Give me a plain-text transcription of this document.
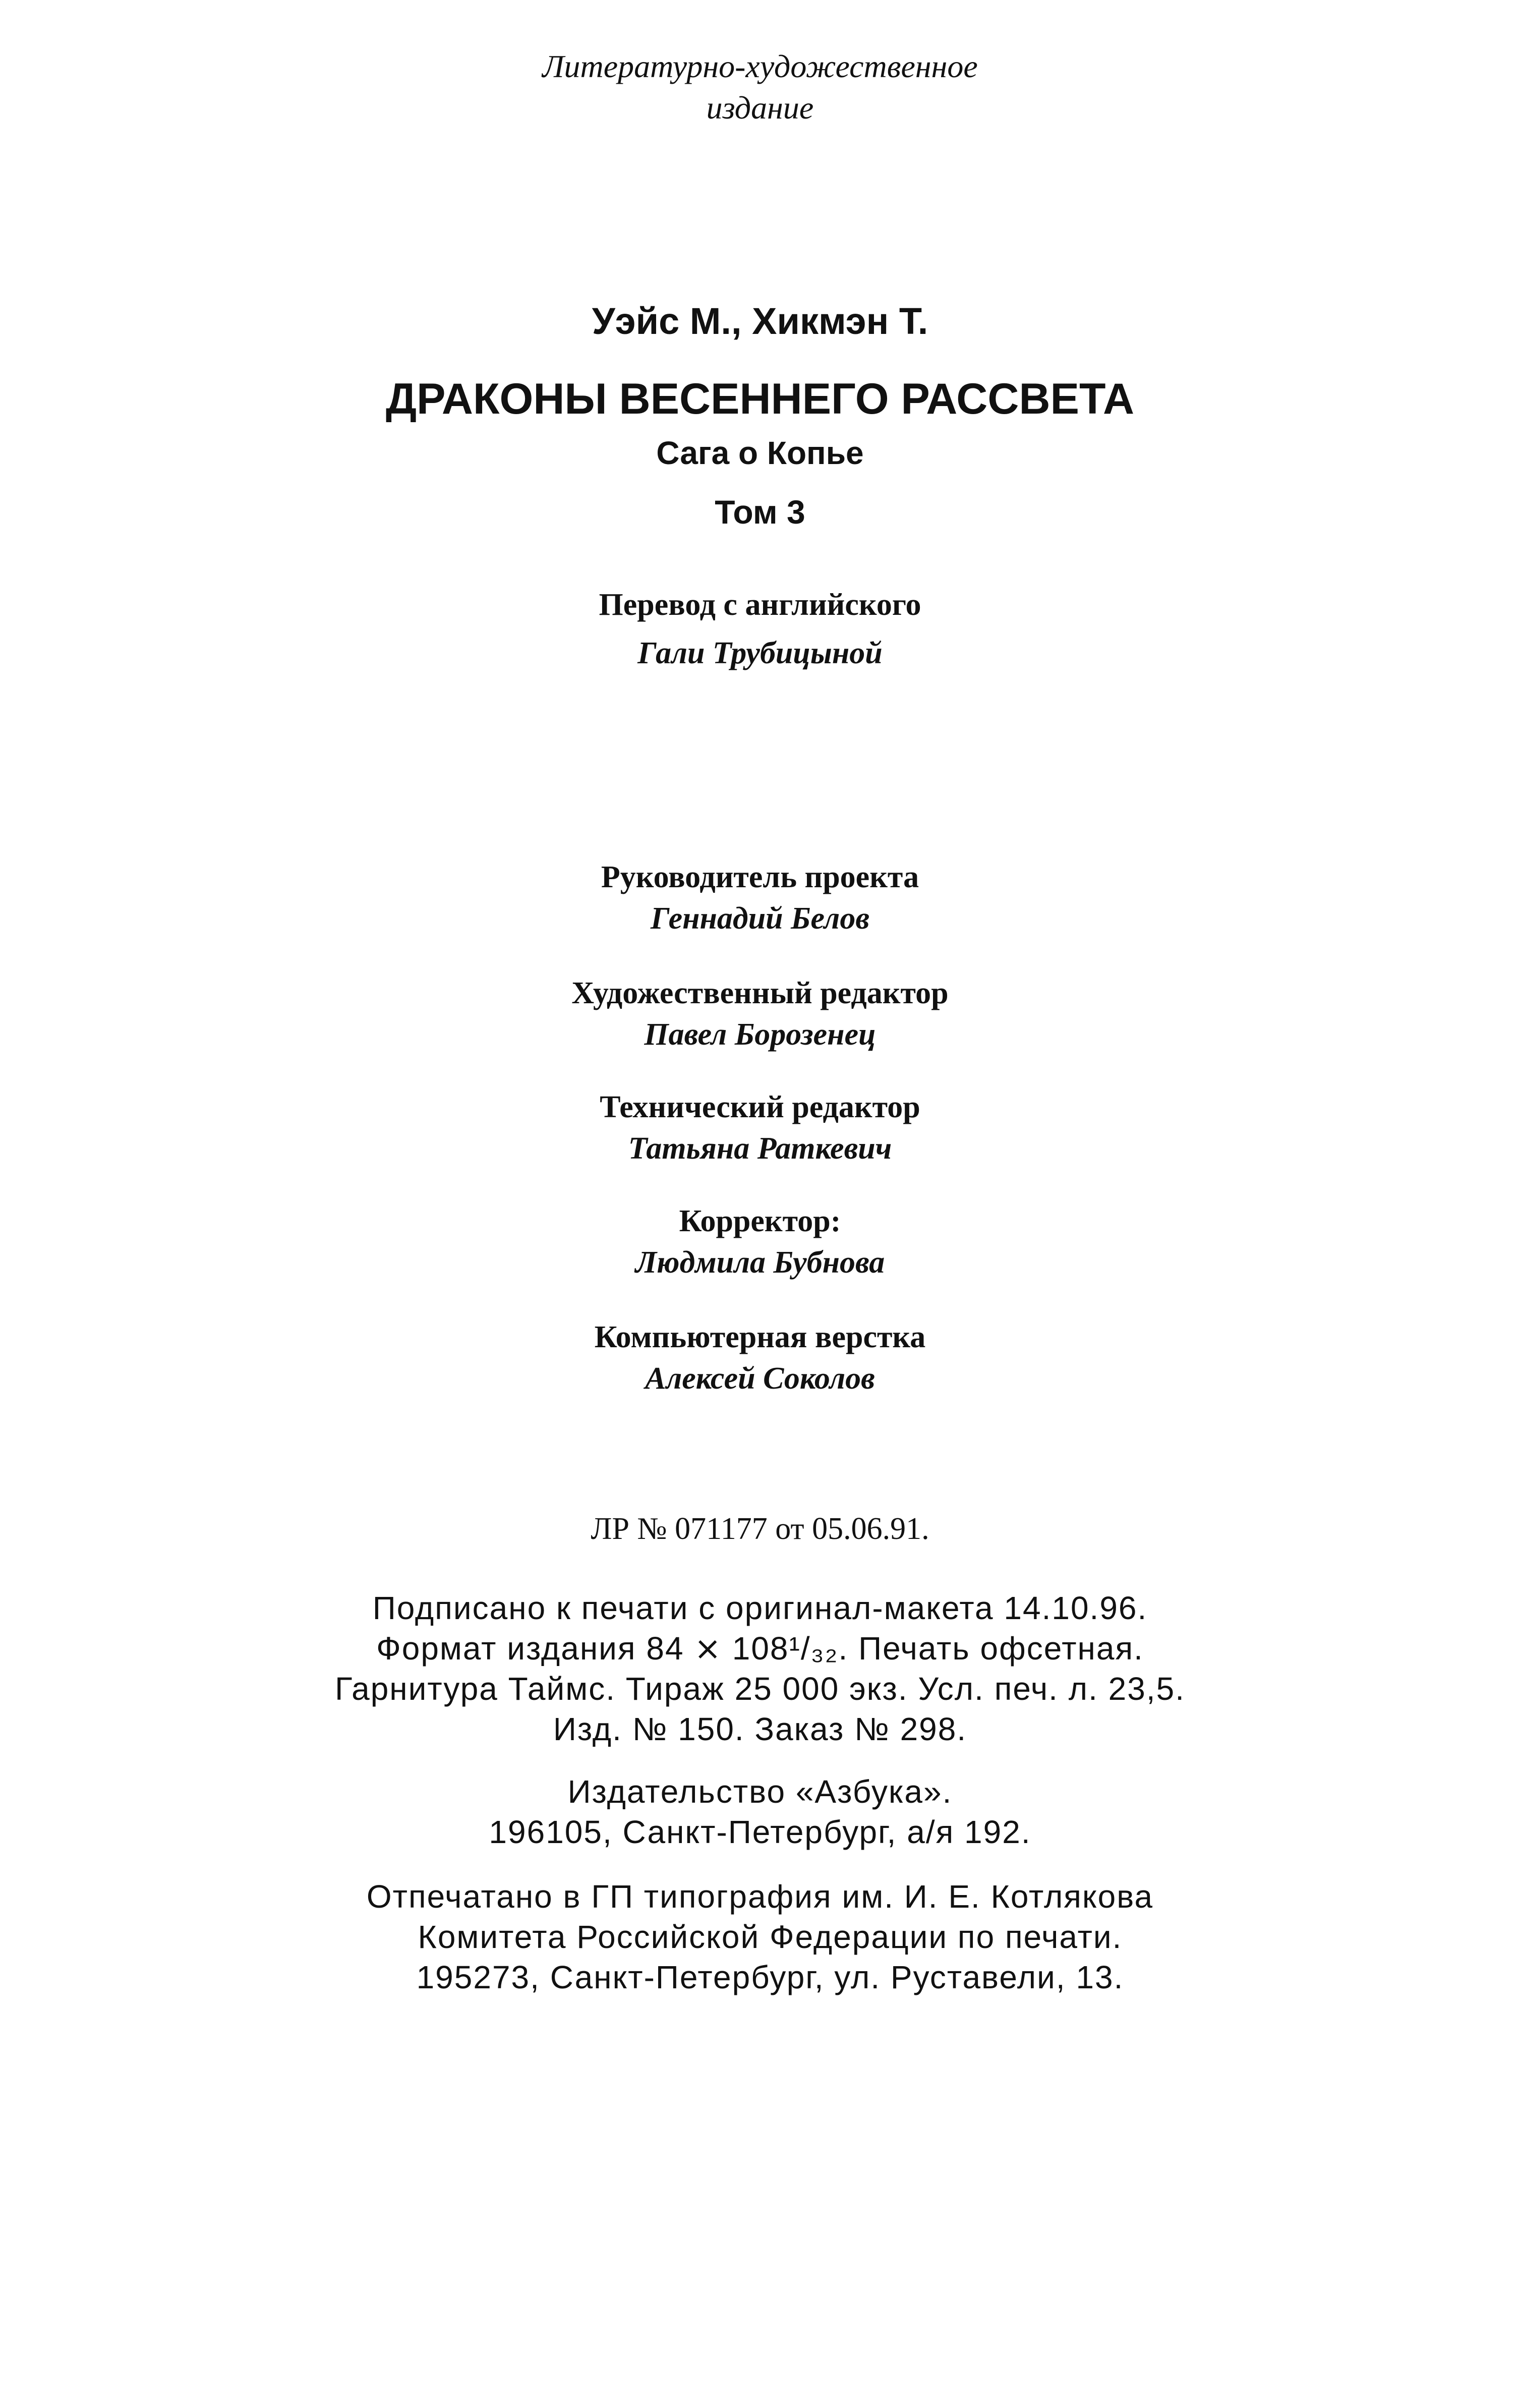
Литературно-художественное
издание
Уэйс М., Хикмэн Т.
ДРАКОНЫ ВЕСЕННЕГО РАССВЕТА
Сага о Копье
Том 3
Перевод с английского
Гали Трубицыной
Руководитель проекта
Геннадий Белов
Художественный редактор
Павел Борозенец
Технический редактор
Татьяна Раткевич
Корректор:
Людмила Бубнова
Компьютерная верстка
Алексей Соколов
ЛР № 071177 от 05.06.91.
Подписано к печати с оригинал-макета 14.10.96.
Формат издания 84 ⨯ 108¹/₃₂. Печать офсетная.
Гарнитура Таймс. Тираж 25 000 экз. Усл. печ. л. 23,5.
Изд. № 150. Заказ № 298.
Издательство «Азбука».
196105, Санкт-Петербург, а/я 192.
Отпечатано в ГП типография им. И. Е. Котлякова
Комитета Российской Федерации по печати.
195273, Санкт-Петербург, ул. Руставели, 13.
